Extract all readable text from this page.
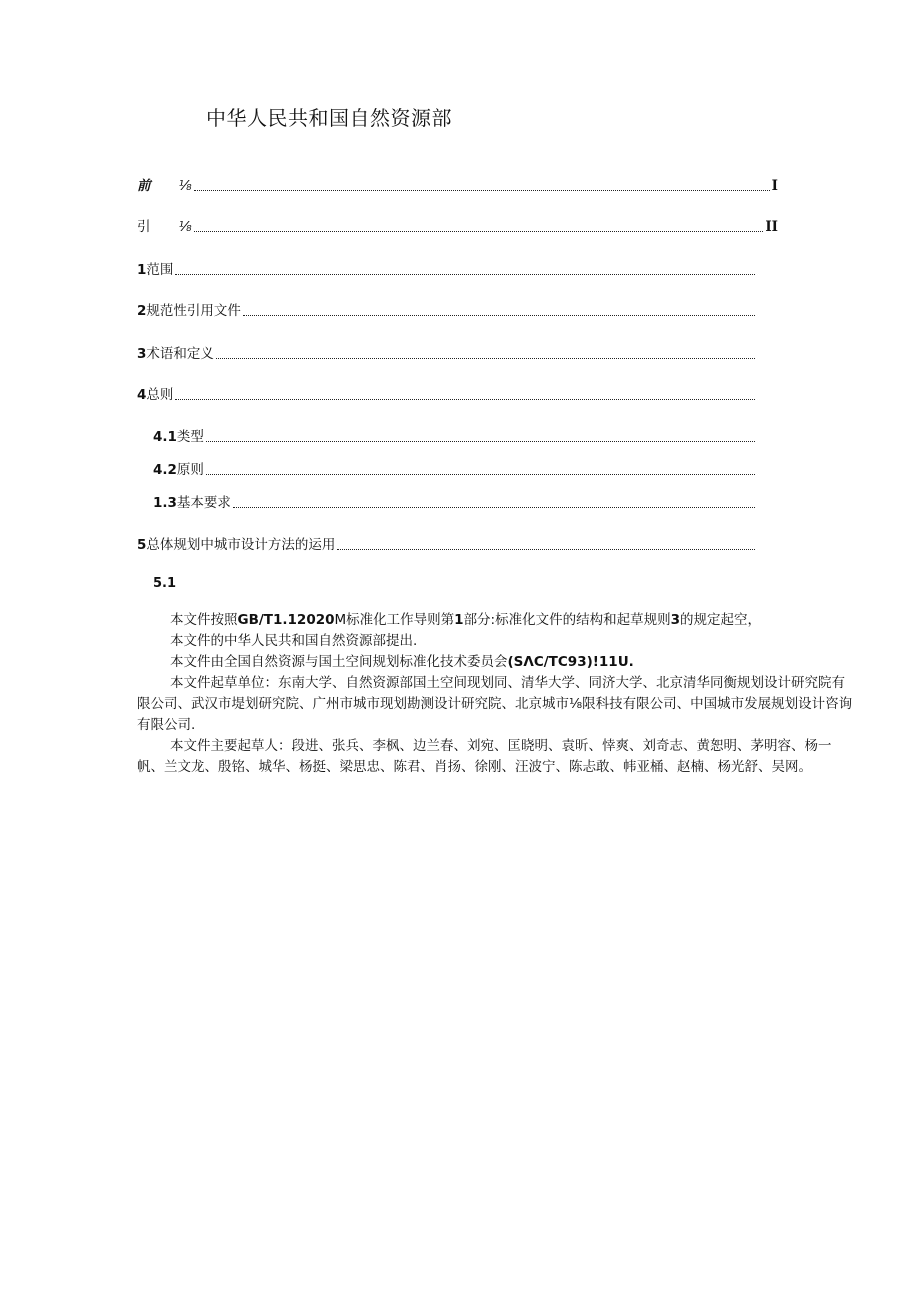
中华人民共和国自然资源部
前 ⅛	I
引 ⅛	II
1 范围
2 规范性引用文件
3 术语和定义
4 总则
4.1 类型
4.2 原则
1.3 基本要求
5 总体规划中城市设计方法的运用
5.1

本文件按照GB/T1.12020M标准化工作导则第1部分:标准化文件的结构和起草规则3的规定起空，

本文件的中华人民共和国自然资源部提出.

本文件由全国自然资源与国土空间规划标准化技术委员会(SΛC/TC93)!11U.

本文件起草单位：东南大学、自然资源部国土空间现划同、清华大学、同济大学、北京清华同衡规划设计研究院有限公司、武汉市堤划研究院、广州市城市现划勘测设计研究院、北京城市⅛限科技有限公司、中国城市发展规划设计咨询有限公司.

本文件主要起草人：段进、张兵、李枫、边兰春、刘宛、匡晓明、袁昕、悻爽、刘奇志、黄恕明、茅明容、杨一帆、兰文龙、殷铭、城华、杨挺、梁思忠、陈君、肖扬、徐刚、汪波宁、陈忐敢、帏亚桶、赵楠、杨光舒、吴网。
